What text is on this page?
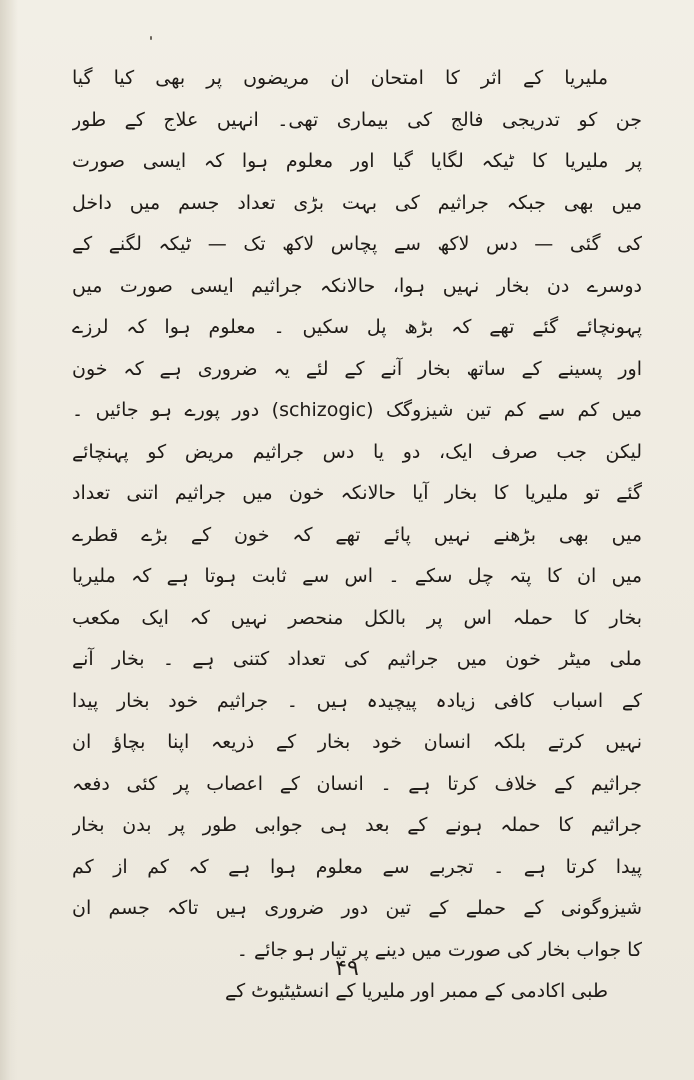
ملیریا کے اثر کا امتحان ان مریضوں پر بھی کیا گیا
جن کو تدریجی فالج کی بیماری تھی۔ انہیں علاج کے طور
پر ملیریا کا ٹیکہ لگایا گیا اور معلوم ہوا کہ ایسی صورت
میں بھی جبکہ جراثیم کی بہت بڑی تعداد جسم میں داخل
کی گئی — دس لاکھ سے پچاس لاکھ تک — ٹیکہ لگنے کے
دوسرے دن بخار نہیں ہوا، حالانکہ جراثیم ایسی صورت میں
پہونچائے گئے تھے کہ بڑھ پل سکیں ۔ معلوم ہوا کہ لرزے
اور پسینے کے ساتھ بخار آنے کے لئے یہ ضروری ہے کہ خون
میں کم سے کم تین شیزوگک (schizogic) دور پورے ہو جائیں ۔
لیکن جب صرف ایک، دو یا دس جراثیم مریض کو پہنچائے
گئے تو ملیریا کا بخار آیا حالانکہ خون میں جراثیم اتنی تعداد
میں بھی بڑھنے نہیں پائے تھے کہ خون کے بڑے قطرے
میں ان کا پتہ چل سکے ۔ اس سے ثابت ہوتا ہے کہ ملیریا
بخار کا حملہ اس پر بالکل منحصر نہیں کہ ایک مکعب
ملی میٹر خون میں جراثیم کی تعداد کتنی ہے ۔ بخار آنے
کے اسباب کافی زیادہ پیچیدہ ہیں ۔ جراثیم خود بخار پیدا
نہیں کرتے بلکہ انسان خود بخار کے ذریعہ اپنا بچاؤ ان
جراثیم کے خلاف کرتا ہے ۔ انسان کے اعصاب پر کئی دفعہ
جراثیم کا حملہ ہونے کے بعد ہی جوابی طور پر بدن بخار
پیدا کرتا ہے ۔ تجربے سے معلوم ہوا ہے کہ کم از کم
شیزوگونی کے حملے کے تین دور ضروری ہیں تاکہ جسم ان
کا جواب بخار کی صورت میں دینے پر تیار ہو جائے ۔
طبی اکادمی کے ممبر اور ملیریا کے انسٹیٹیوٹ کے
۴۹
